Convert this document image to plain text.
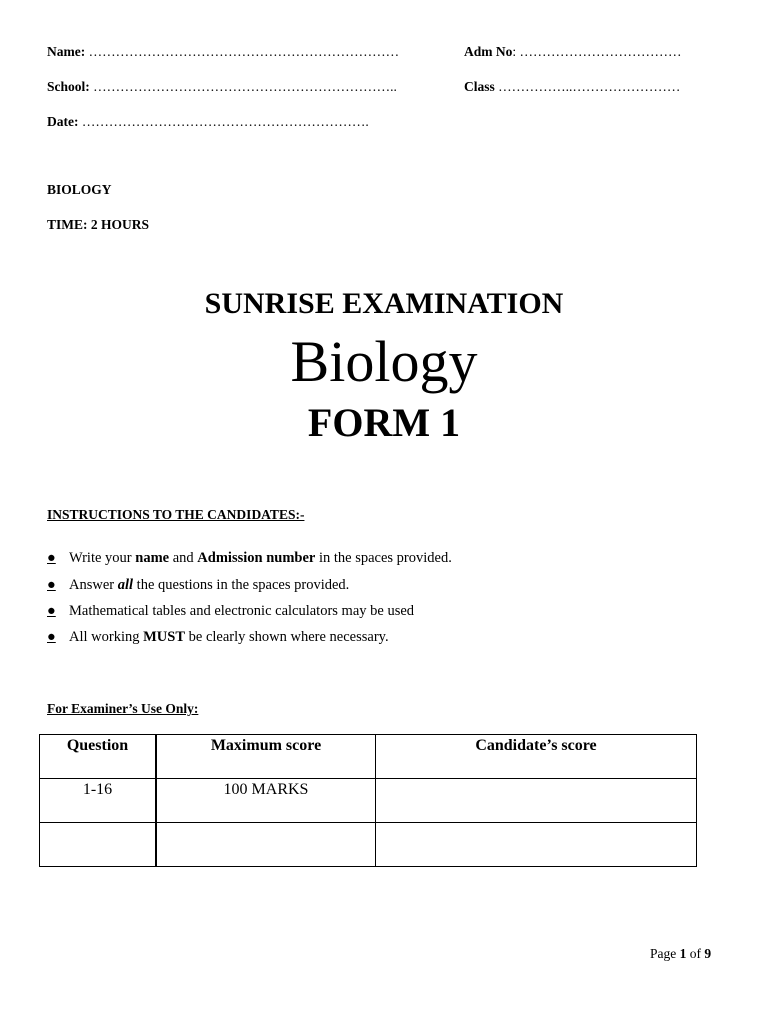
Name: ……………………………………………………………	Adm No: ………………………………
School: …………………………………………………………..	Class ……………..……………………
Date: ……………………………………………………….
BIOLOGY
TIME: 2 HOURS
SUNRISE EXAMINATION
Biology
FORM 1
INSTRUCTIONS TO THE CANDIDATES:-
● Write your name and Admission number in the spaces provided.
● Answer all the questions in the spaces provided.
● Mathematical tables and electronic calculators may be used
● All working MUST be clearly shown where necessary.
For Examiner’s Use Only:
Question	Maximum score	Candidate’s score
1-16	100 MARKS	

Page 1 of 9
